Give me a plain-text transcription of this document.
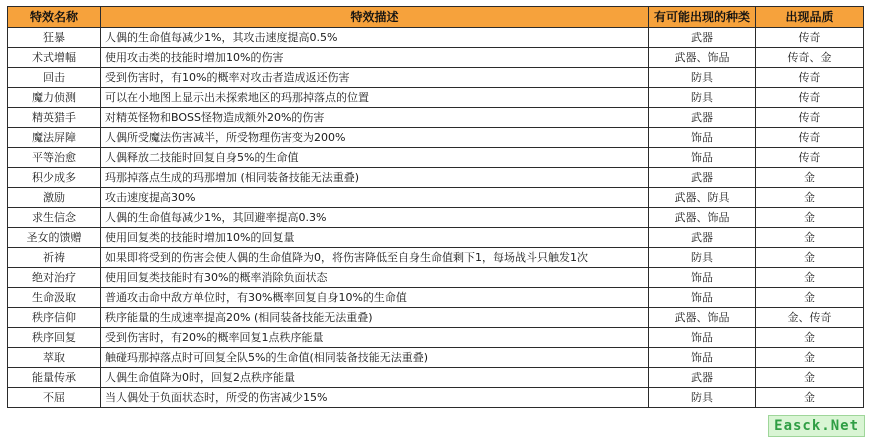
特效名称	特效描述	有可能出现的种类	出现品质
狂暴	人偶的生命值每减少1%，其攻击速度提高0.5%	武器	传奇
术式增幅	使用攻击类的技能时增加10%的伤害	武器、饰品	传奇、金
回击	受到伤害时，有10%的概率对攻击者造成返还伤害	防具	传奇
魔力侦测	可以在小地图上显示出未探索地区的玛那掉落点的位置	防具	传奇
精英猎手	对精英怪物和BOSS怪物造成额外20%的伤害	武器	传奇
魔法屏障	人偶所受魔法伤害减半，所受物理伤害变为200%	饰品	传奇
平等治愈	人偶释放二技能时回复自身5%的生命值	饰品	传奇
积少成多	玛那掉落点生成的玛那增加 (相同装备技能无法重叠)	武器	金
激励	攻击速度提高30%	武器、防具	金
求生信念	人偶的生命值每减少1%，其回避率提高0.3%	武器、饰品	金
圣女的馈赠	使用回复类的技能时增加10%的回复量	武器	金
祈祷	如果即将受到的伤害会使人偶的生命值降为0，将伤害降低至自身生命值剩下1，每场战斗只触发1次	防具	金
绝对治疗	使用回复类技能时有30%的概率消除负面状态	饰品	金
生命汲取	普通攻击命中敌方单位时，有30%概率回复自身10%的生命值	饰品	金
秩序信仰	秩序能量的生成速率提高20% (相同装备技能无法重叠)	武器、饰品	金、传奇
秩序回复	受到伤害时，有20%的概率回复1点秩序能量	饰品	金
萃取	触碰玛那掉落点时可回复全队5%的生命值(相同装备技能无法重叠)	饰品	金
能量传承	人偶生命值降为0时，回复2点秩序能量	武器	金
不屈	当人偶处于负面状态时，所受的伤害减少15%	防具	金
Easck.Net
